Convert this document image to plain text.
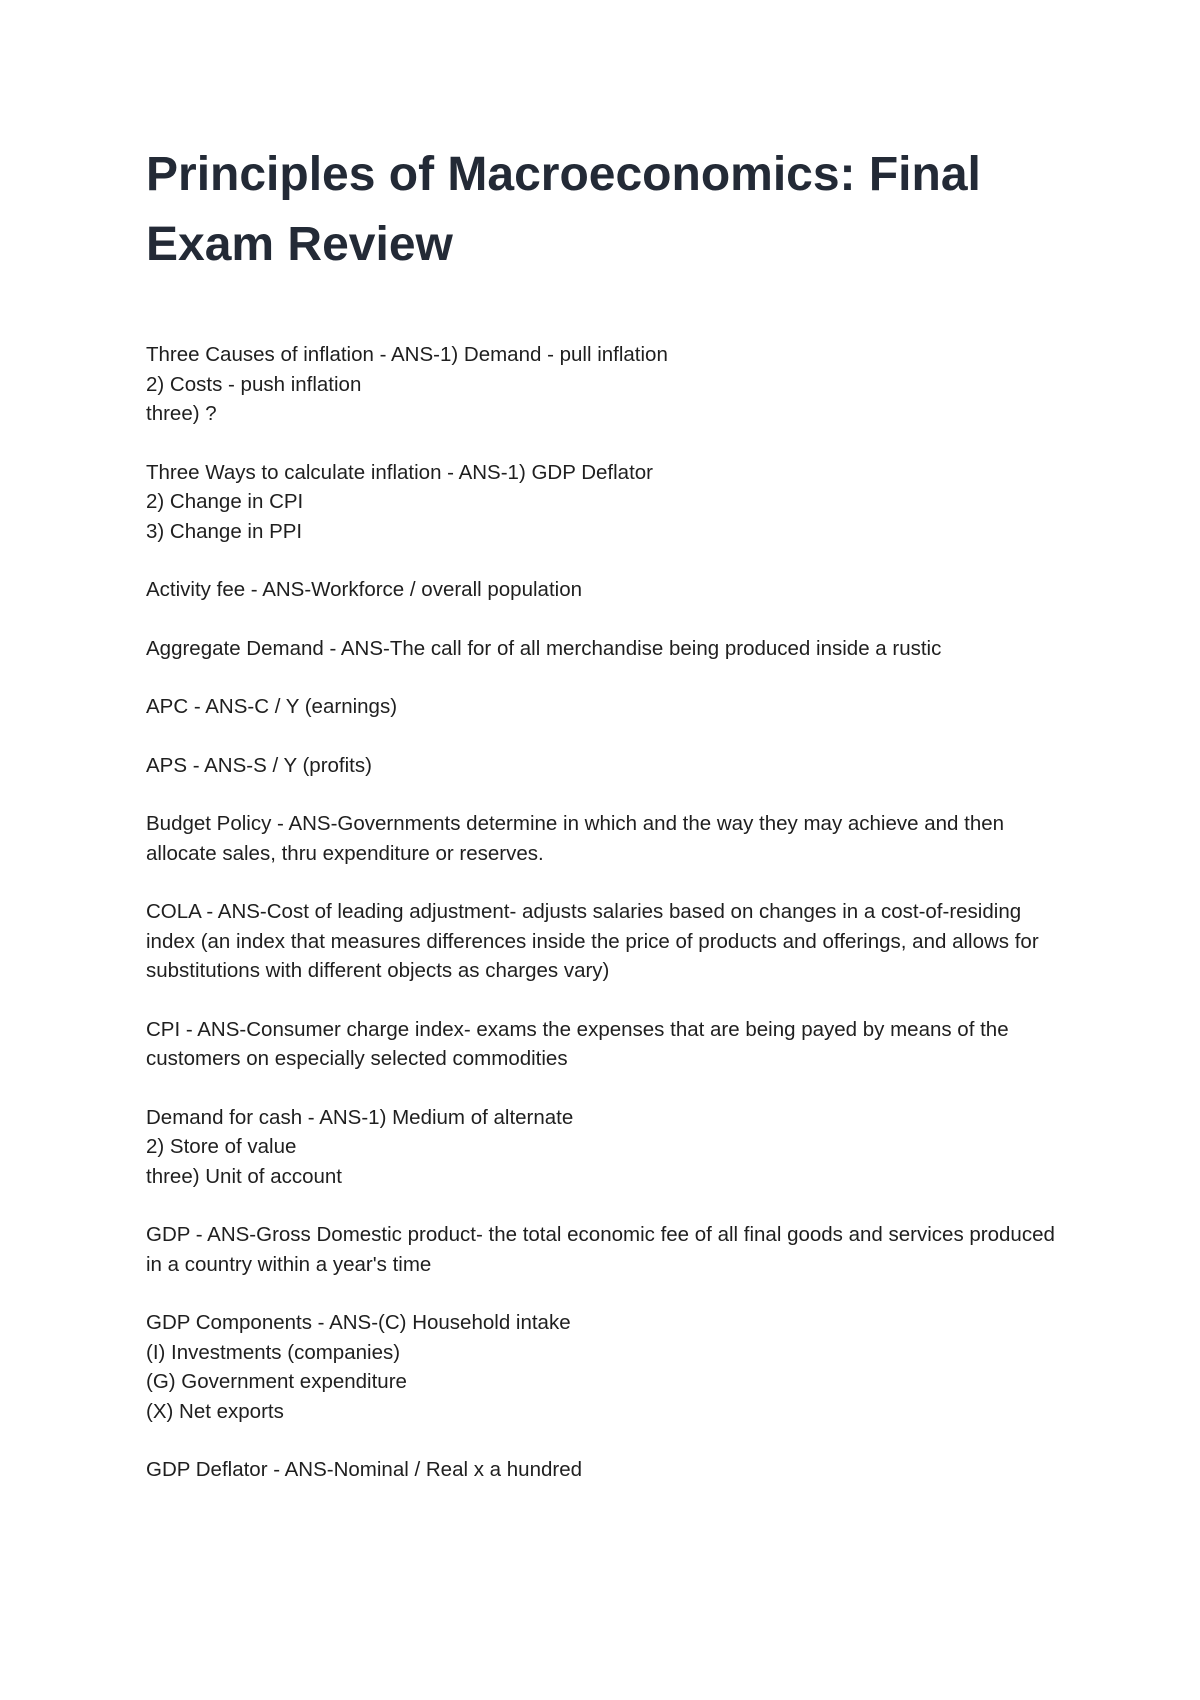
Principles of Macroeconomics: Final Exam Review

Three Causes of inflation - ANS-1) Demand - pull inflation
2) Costs - push inflation
three) ?

Three Ways to calculate inflation - ANS-1) GDP Deflator
2) Change in CPI
3) Change in PPI

Activity fee - ANS-Workforce / overall population

Aggregate Demand - ANS-The call for of all merchandise being produced inside a rustic

APC - ANS-C / Y (earnings)

APS - ANS-S / Y (profits)

Budget Policy - ANS-Governments determine in which and the way they may achieve and then allocate sales, thru expenditure or reserves.

COLA - ANS-Cost of leading adjustment- adjusts salaries based on changes in a cost-of-residing index (an index that measures differences inside the price of products and offerings, and allows for substitutions with different objects as charges vary)

CPI - ANS-Consumer charge index- exams the expenses that are being payed by means of the customers on especially selected commodities

Demand for cash - ANS-1) Medium of alternate
2) Store of value
three) Unit of account

GDP - ANS-Gross Domestic product- the total economic fee of all final goods and services produced in a country within a year's time

GDP Components - ANS-(C) Household intake
(I) Investments (companies)
(G) Government expenditure
(X) Net exports

GDP Deflator - ANS-Nominal / Real x a hundred
